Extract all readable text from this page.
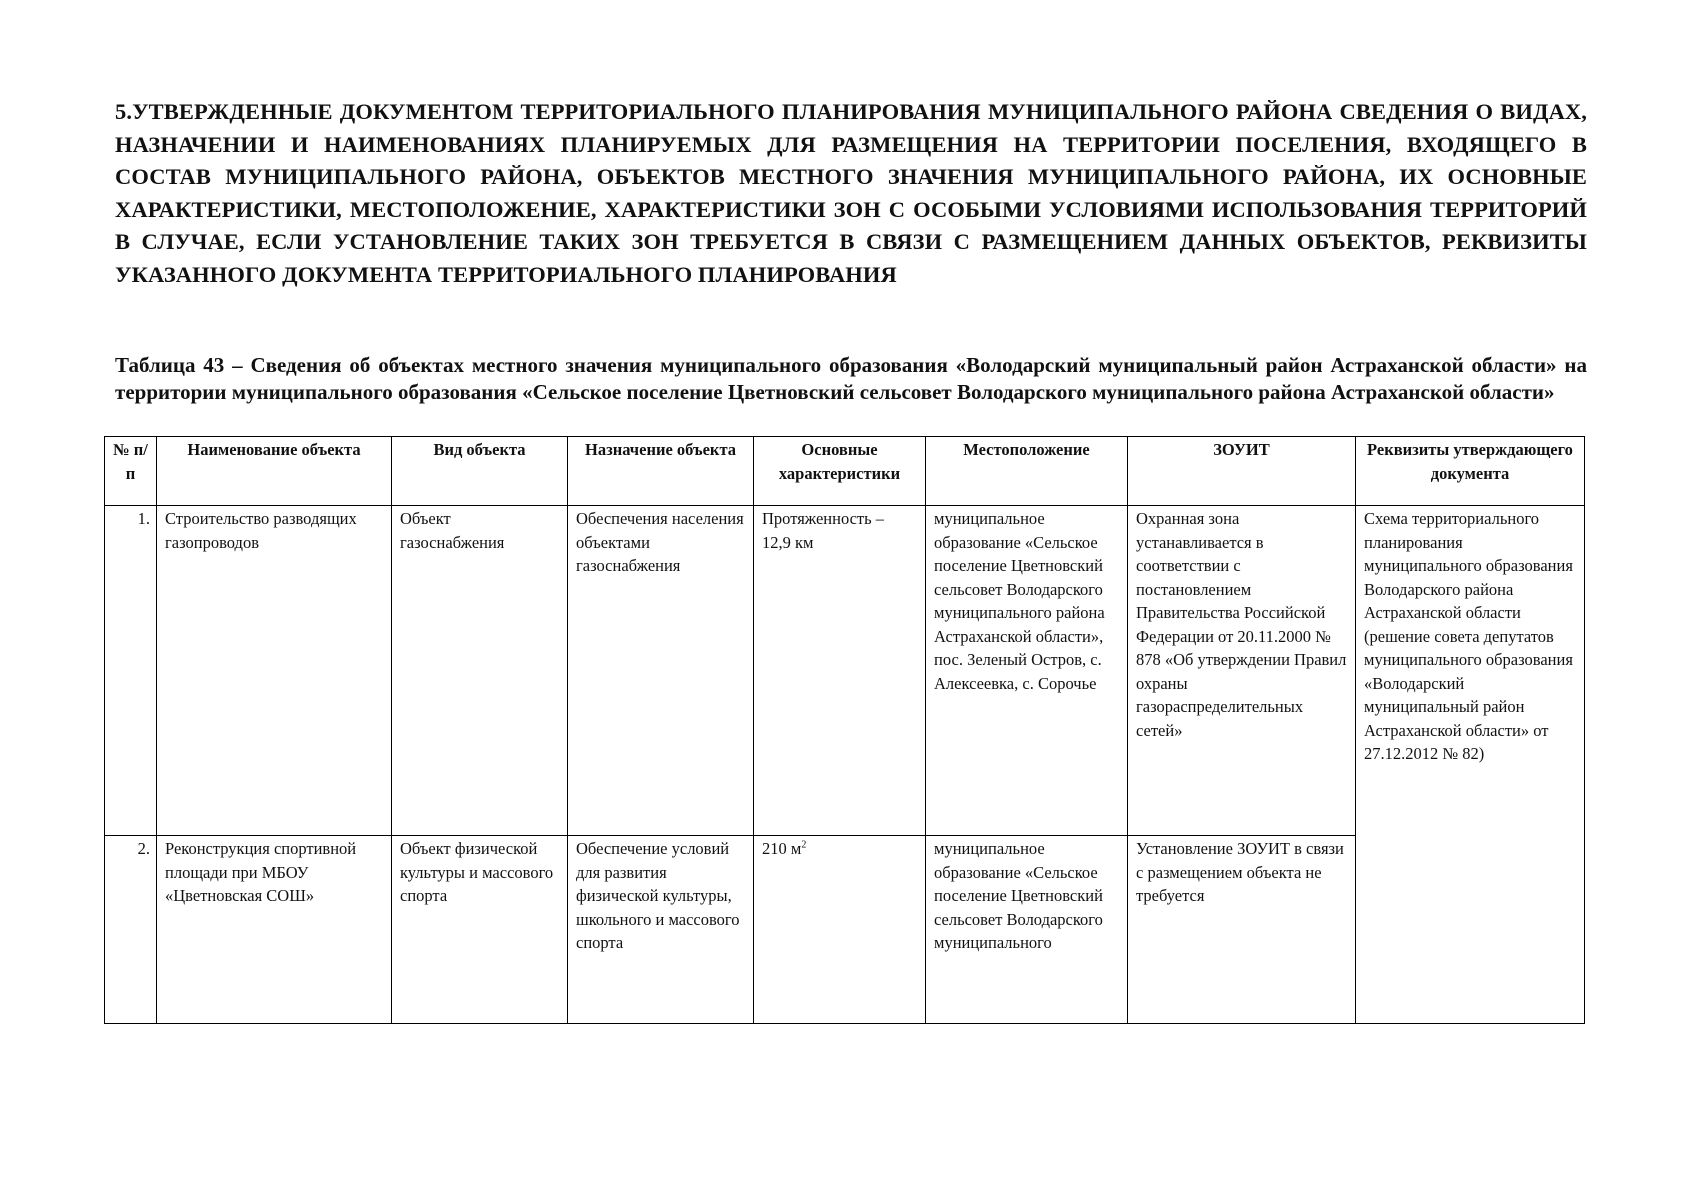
5.УТВЕРЖДЕННЫЕ ДОКУМЕНТОМ ТЕРРИТОРИАЛЬНОГО ПЛАНИРОВАНИЯ МУНИЦИПАЛЬНОГО РАЙОНА СВЕДЕНИЯ О ВИДАХ, НАЗНАЧЕНИИ И НАИМЕНОВАНИЯХ ПЛАНИРУЕМЫХ ДЛЯ РАЗМЕЩЕНИЯ НА ТЕРРИТОРИИ ПОСЕЛЕНИЯ, ВХОДЯЩЕГО В СОСТАВ МУНИЦИПАЛЬНОГО РАЙОНА, ОБЪЕКТОВ МЕСТНОГО ЗНАЧЕНИЯ МУНИЦИПАЛЬНОГО РАЙОНА, ИХ ОСНОВНЫЕ ХАРАКТЕРИСТИКИ, МЕСТОПОЛОЖЕНИЕ, ХАРАКТЕРИСТИКИ ЗОН С ОСОБЫМИ УСЛОВИЯМИ ИСПОЛЬЗОВАНИЯ ТЕРРИТОРИЙ В СЛУЧАЕ, ЕСЛИ УСТАНОВЛЕНИЕ ТАКИХ ЗОН ТРЕБУЕТСЯ В СВЯЗИ С РАЗМЕЩЕНИЕМ ДАННЫХ ОБЪЕКТОВ, РЕКВИЗИТЫ УКАЗАННОГО ДОКУМЕНТА ТЕРРИТОРИАЛЬНОГО ПЛАНИРОВАНИЯ

Таблица 43 – Сведения об объектах местного значения муниципального образования «Володарский муниципальный район Астраханской области» на территории муниципального образования «Сельское поселение Цветновский сельсовет Володарского муниципального района Астраханской области»

№ п/п	Наименование объекта	Вид объекта	Назначение объекта	Основные характеристики	Местоположение	ЗОУИТ	Реквизиты утверждающего документа
1.	Строительство разводящих газопроводов	Объект газоснабжения	Обеспечения населения объектами газоснабжения	Протяженность – 12,9 км	муниципальное образование «Сельское поселение Цветновский сельсовет Володарского муниципального района Астраханской области», пос. Зеленый Остров, с. Алексеевка, с. Сорочье	Охранная зона устанавливается в соответствии с постановлением Правительства Российской Федерации от 20.11.2000 № 878 «Об утверждении Правил охраны газораспределительных сетей»	Схема территориального планирования муниципального образования Володарского района Астраханской области (решение совета депутатов муниципального образования «Володарский муниципальный район Астраханской области» от 27.12.2012 № 82)
2.	Реконструкция спортивной площади при МБОУ «Цветновская СОШ»	Объект физической культуры и массового спорта	Обеспечение условий для развития физической культуры, школьного и массового спорта	210 $м^2$	муниципальное образование «Сельское поселение Цветновский сельсовет Володарского муниципального	Установление ЗОУИТ в связи с размещением объекта не требуется	
